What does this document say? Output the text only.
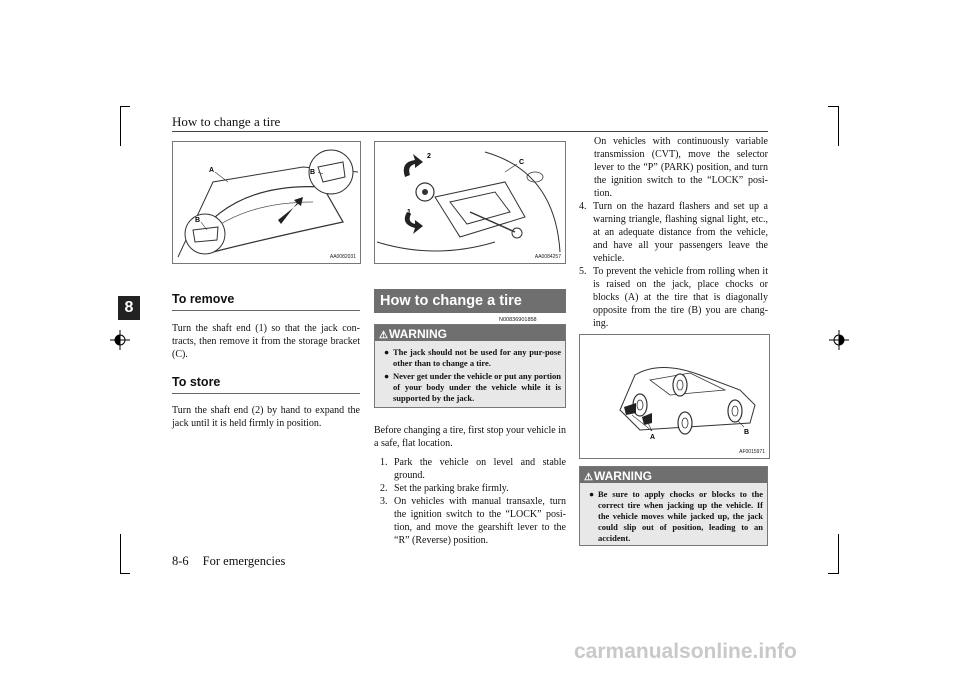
How to change a tire
8
A	B
B
AA0082031
To remove
Turn the shaft end (1) so that the jack con-tracts, then remove it from the storage bracket (C).
To store
Turn the shaft end (2) by hand to expand the jack until it is held firmly in position.
2
C
1
AA0084257
How to change a tire
N00836901858
⚠WARNING
● The jack should not be used for any pur-pose other than to change a tire.
● Never get under the vehicle or put any portion of your body under the vehicle while it is supported by the jack.
Before changing a tire, first stop your vehicle in a safe, flat location.
1. Park the vehicle on level and stable ground.
2. Set the parking brake firmly.
3. On vehicles with manual transaxle, turn the ignition switch to the “LOCK” posi-tion, and move the gearshift lever to the “R” (Reverse) position.
On vehicles with continuously variable transmission (CVT), move the selector lever to the “P” (PARK) position, and turn the ignition switch to the “LOCK” posi-tion.
4. Turn on the hazard flashers and set up a warning triangle, flashing signal light, etc., at an adequate distance from the vehicle, and have all your passengers leave the vehicle.
5. To prevent the vehicle from rolling when it is raised on the jack, place chocks or blocks (A) at the tire that is diagonally opposite from the tire (B) you are chang-ing.
A
B
AF0015971
⚠WARNING
● Be sure to apply chocks or blocks to the correct tire when jacking up the vehicle. If the vehicle moves while jacked up, the jack could slip out of position, leading to an accident.
8-6 For emergencies
carmanualsonline.info
